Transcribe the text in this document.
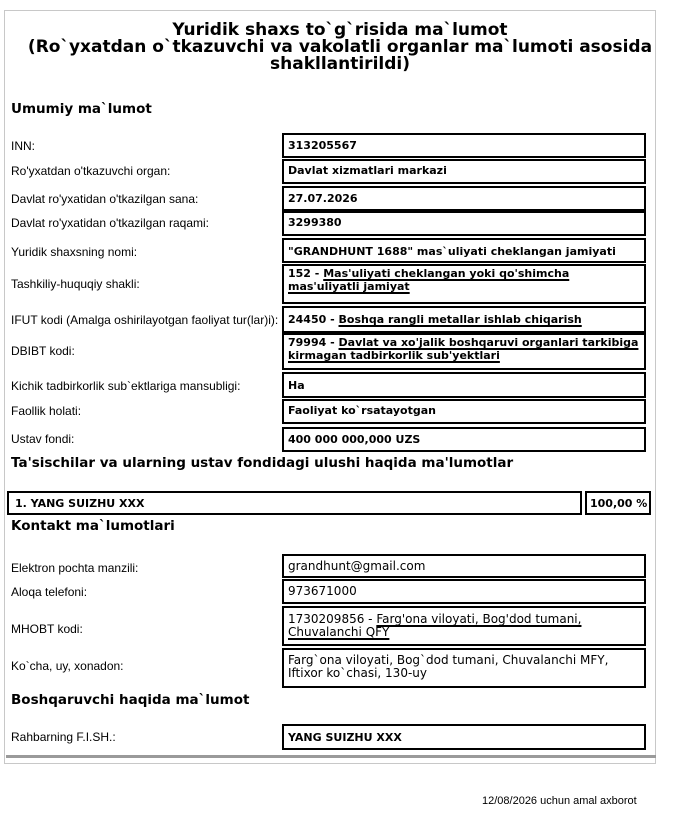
Yuridik shaxs to`g`risida ma`lumot
(Ro`yxatdan o`tkazuvchi va vakolatli organlar ma`lumoti asosida
shakllantirildi)
Umumiy ma`lumot
INN:	313205567
Ro'yxatdan o'tkazuvchi organ:	Davlat xizmatlari markazi
Davlat ro'yxatidan o'tkazilgan sana:	27.07.2026
Davlat ro'yxatidan o'tkazilgan raqami:	3299380
Yuridik shaxsning nomi:	"GRANDHUNT 1688" mas`uliyati cheklangan jamiyati
Tashkiliy-huquqiy shakli:
152 - Mas'uliyati cheklangan yoki qo'shimcha mas'uliyatli jamiyat
IFUT kodi (Amalga oshirilayotgan faoliyat tur(lar)i): 24450 - Boshqa rangli metallar ishlab chiqarish
DBIBT kodi:
79994 - Davlat va xo'jalik boshqaruvi organlari tarkibiga kirmagan tadbirkorlik sub'yektlari
Kichik tadbirkorlik sub`ektlariga mansubligi:	Ha
Faollik holati:	Faoliyat ko`rsatayotgan
Ustav fondi:	400 000 000,000 UZS
Ta'sischilar va ularning ustav fondidagi ulushi haqida ma'lumotlar
1. YANG SUIZHU XXX	100,00 %
Kontakt ma`lumotlari
Elektron pochta manzili:	grandhunt@gmail.com
Aloqa telefoni:	973671000
MHOBT kodi:
1730209856 - Farg'ona viloyati, Bog'dod tumani, Chuvalanchi QFY
Ko`cha, uy, xonadon:	Farg`ona viloyati, Bog`dod tumani, Chuvalanchi MFY, Iftixor ko`chasi, 130-uy
Boshqaruvchi haqida ma`lumot
Rahbarning F.I.SH.:	YANG SUIZHU XXX
12/08/2026 uchun amal axborot
